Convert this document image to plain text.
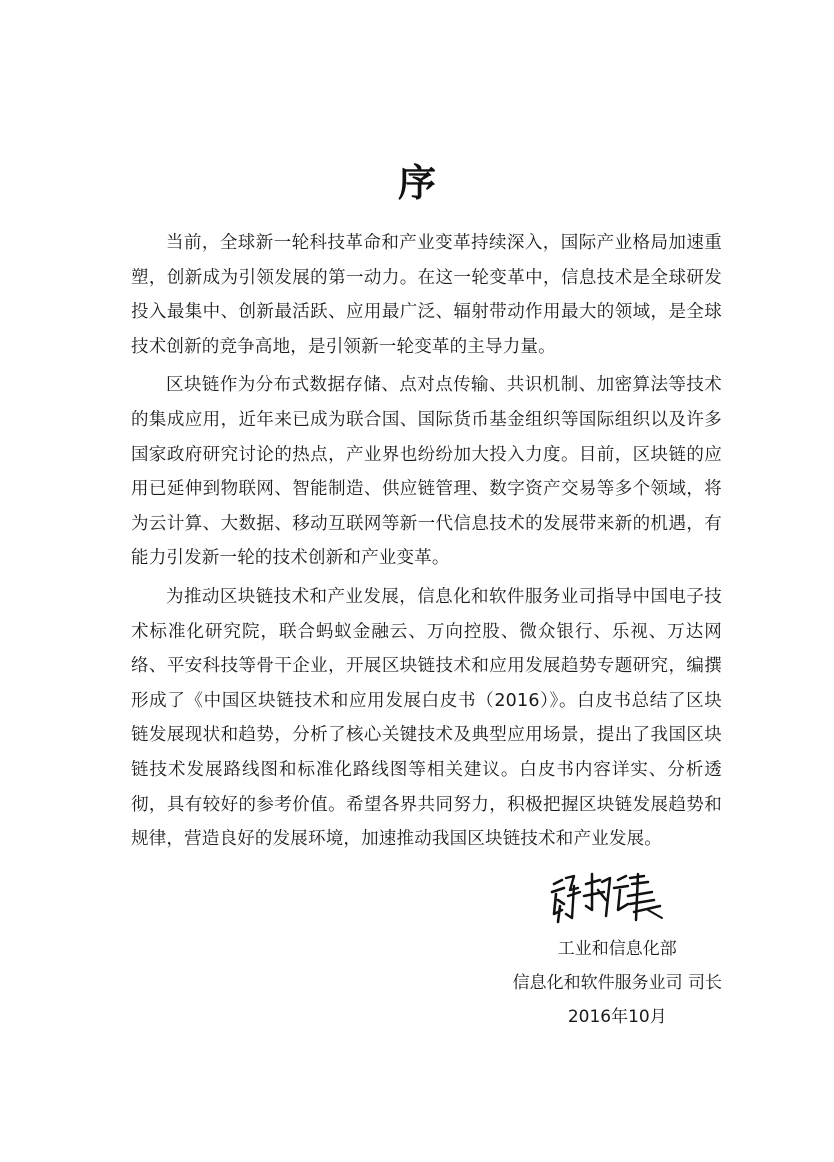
序

当前，全球新一轮科技革命和产业变革持续深入，国际产业格局加速重塑，创新成为引领发展的第一动力。在这一轮变革中，信息技术是全球研发投入最集中、创新最活跃、应用最广泛、辐射带动作用最大的领域，是全球技术创新的竞争高地，是引领新一轮变革的主导力量。

区块链作为分布式数据存储、点对点传输、共识机制、加密算法等技术的集成应用，近年来已成为联合国、国际货币基金组织等国际组织以及许多国家政府研究讨论的热点，产业界也纷纷加大投入力度。目前，区块链的应用已延伸到物联网、智能制造、供应链管理、数字资产交易等多个领域，将为云计算、大数据、移动互联网等新一代信息技术的发展带来新的机遇，有能力引发新一轮的技术创新和产业变革。

为推动区块链技术和产业发展，信息化和软件服务业司指导中国电子技术标准化研究院，联合蚂蚁金融云、万向控股、微众银行、乐视、万达网络、平安科技等骨干企业，开展区块链技术和应用发展趋势专题研究，编撰形成了《中国区块链技术和应用发展白皮书（2016）》。白皮书总结了区块链发展现状和趋势，分析了核心关键技术及典型应用场景，提出了我国区块链技术发展路线图和标准化路线图等相关建议。白皮书内容详实、分析透彻，具有较好的参考价值。希望各界共同努力，积极把握区块链发展趋势和规律，营造良好的发展环境，加速推动我国区块链技术和产业发展。

工业和信息化部
信息化和软件服务业司 司长
2016年10月
